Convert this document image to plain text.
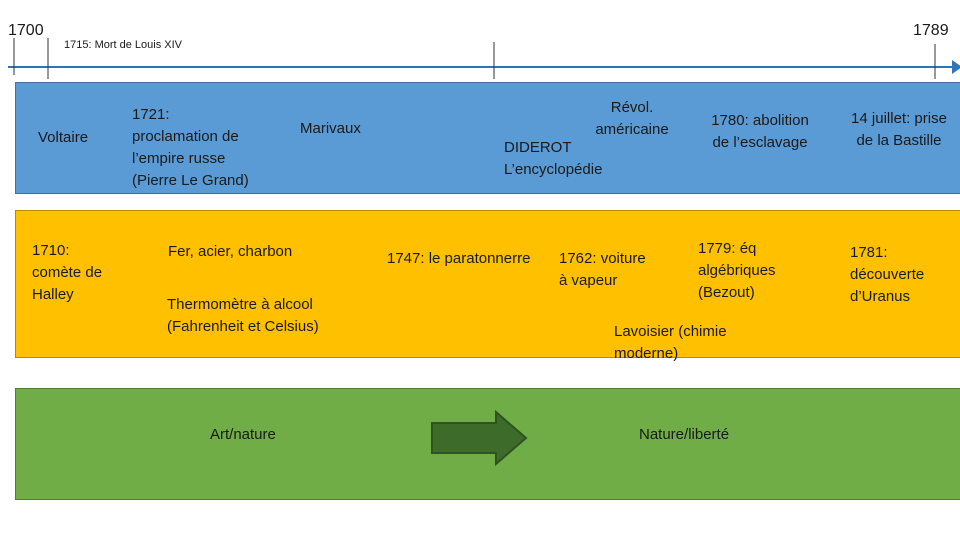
1700	1789
1715: Mort de Louis XIV
Voltaire
1721:
proclamation de
l’empire russe
(Pierre Le Grand)
Marivaux
DIDEROT
L’encyclopédie
Révol.
américaine
1780: abolition
de l’esclavage
14 juillet: prise
de la Bastille
1710:
comète de
Halley
Fer, acier, charbon
Thermomètre à alcool
(Fahrenheit et Celsius)
1747: le paratonnerre 1762: voiture
à vapeur
1779: éq
algébriques
(Bezout)
Lavoisier (chimie
moderne)
1781:
découverte
d’Uranus
Art/nature	Nature/liberté
